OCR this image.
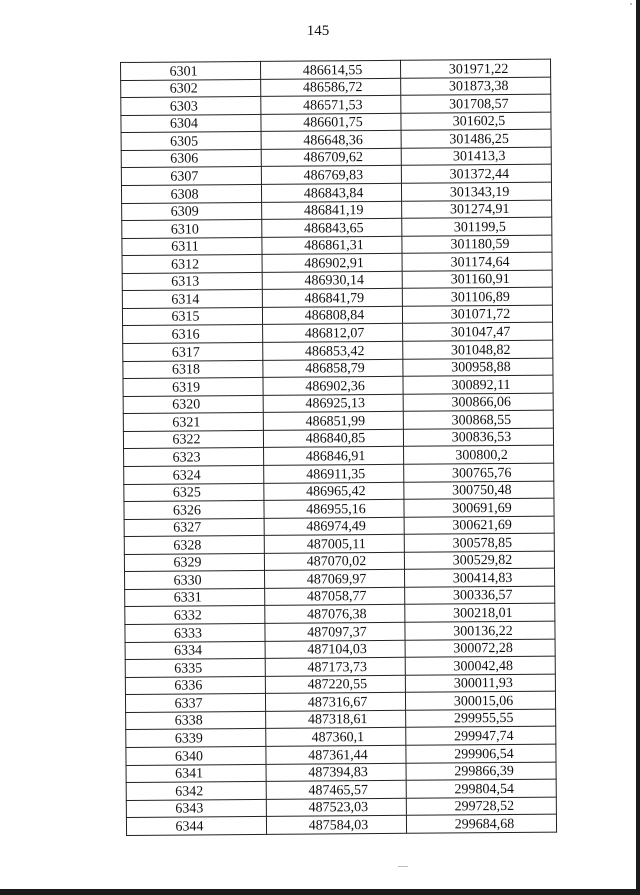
145
6301	486614,55	301971,22
6302	486586,72	301873,38
6303	486571,53	301708,57
6304	486601,75	301602,5
6305	486648,36	301486,25
6306	486709,62	301413,3
6307	486769,83	301372,44
6308	486843,84	301343,19
6309	486841,19	301274,91
6310	486843,65	301199,5
6311	486861,31	301180,59
6312	486902,91	301174,64
6313	486930,14	301160,91
6314	486841,79	301106,89
6315	486808,84	301071,72
6316	486812,07	301047,47
6317	486853,42	301048,82
6318	486858,79	300958,88
6319	486902,36	300892,11
6320	486925,13	300866,06
6321	486851,99	300868,55
6322	486840,85	300836,53
6323	486846,91	300800,2
6324	486911,35	300765,76
6325	486965,42	300750,48
6326	486955,16	300691,69
6327	486974,49	300621,69
6328	487005,11	300578,85
6329	487070,02	300529,82
6330	487069,97	300414,83
6331	487058,77	300336,57
6332	487076,38	300218,01
6333	487097,37	300136,22
6334	487104,03	300072,28
6335	487173,73	300042,48
6336	487220,55	300011,93
6337	487316,67	300015,06
6338	487318,61	299955,55
6339	487360,1	299947,74
6340	487361,44	299906,54
6341	487394,83	299866,39
6342	487465,57	299804,54
6343	487523,03	299728,52
6344	487584,03	299684,68
